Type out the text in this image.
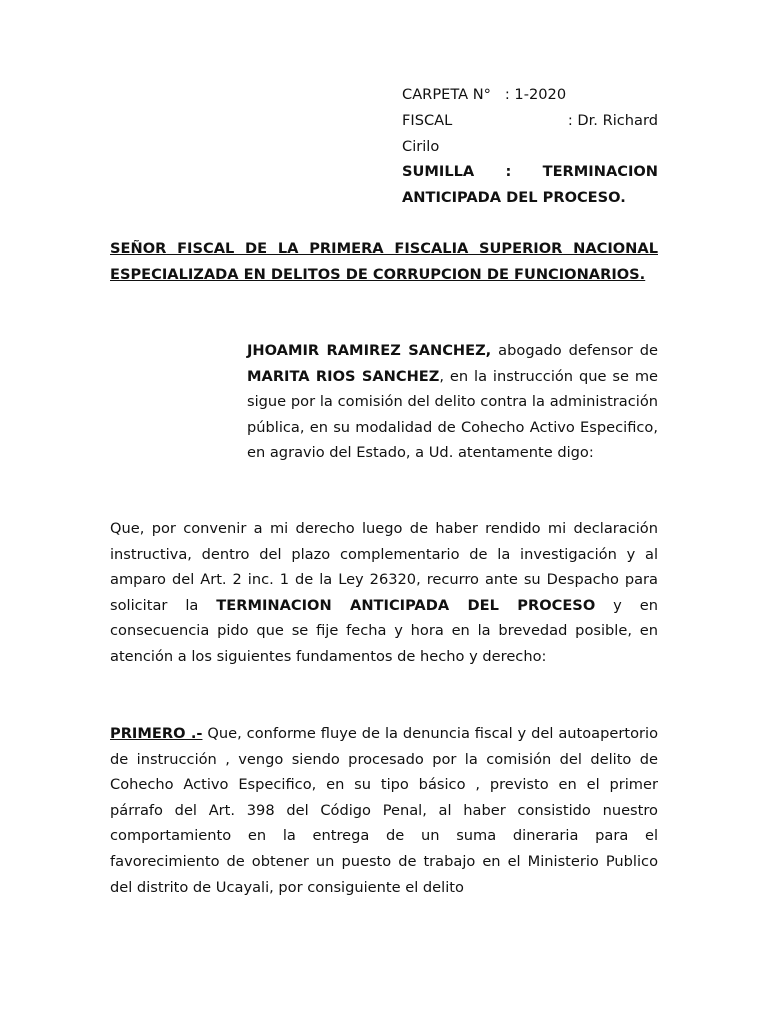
CARPETA N° : 1-2020
FISCAL	: Dr. Richard
Cirilo
SUMILLA : TERMINACION ANTICIPADA DEL PROCESO.

SEÑOR FISCAL DE LA PRIMERA FISCALIA SUPERIOR NACIONAL ESPECIALIZADA EN DELITOS DE CORRUPCION DE FUNCIONARIOS.

JHOAMIR RAMIREZ SANCHEZ, abogado defensor de MARITA RIOS SANCHEZ, en la instrucción que se me sigue por la comisión del delito contra la administración pública, en su modalidad de Cohecho Activo Especifico, en agravio del Estado, a Ud. atentamente digo:

Que, por convenir a mi derecho luego de haber rendido mi declaración instructiva, dentro del plazo complementario de la investigación y al amparo del Art. 2 inc. 1 de la Ley 26320, recurro ante su Despacho para solicitar la TERMINACION ANTICIPADA DEL PROCESO y en consecuencia pido que se fije fecha y hora en la brevedad posible, en atención a los siguientes fundamentos de hecho y derecho:

PRIMERO .- Que, conforme fluye de la denuncia fiscal y del autoapertorio de instrucción , vengo siendo procesado por la comisión del delito de Cohecho Activo Especifico, en su tipo básico , previsto en el primer párrafo del Art. 398 del Código Penal, al haber consistido nuestro comportamiento en la entrega de un suma dineraria para el favorecimiento de obtener un puesto de trabajo en el Ministerio Publico del distrito de Ucayali, por consiguiente el delito
